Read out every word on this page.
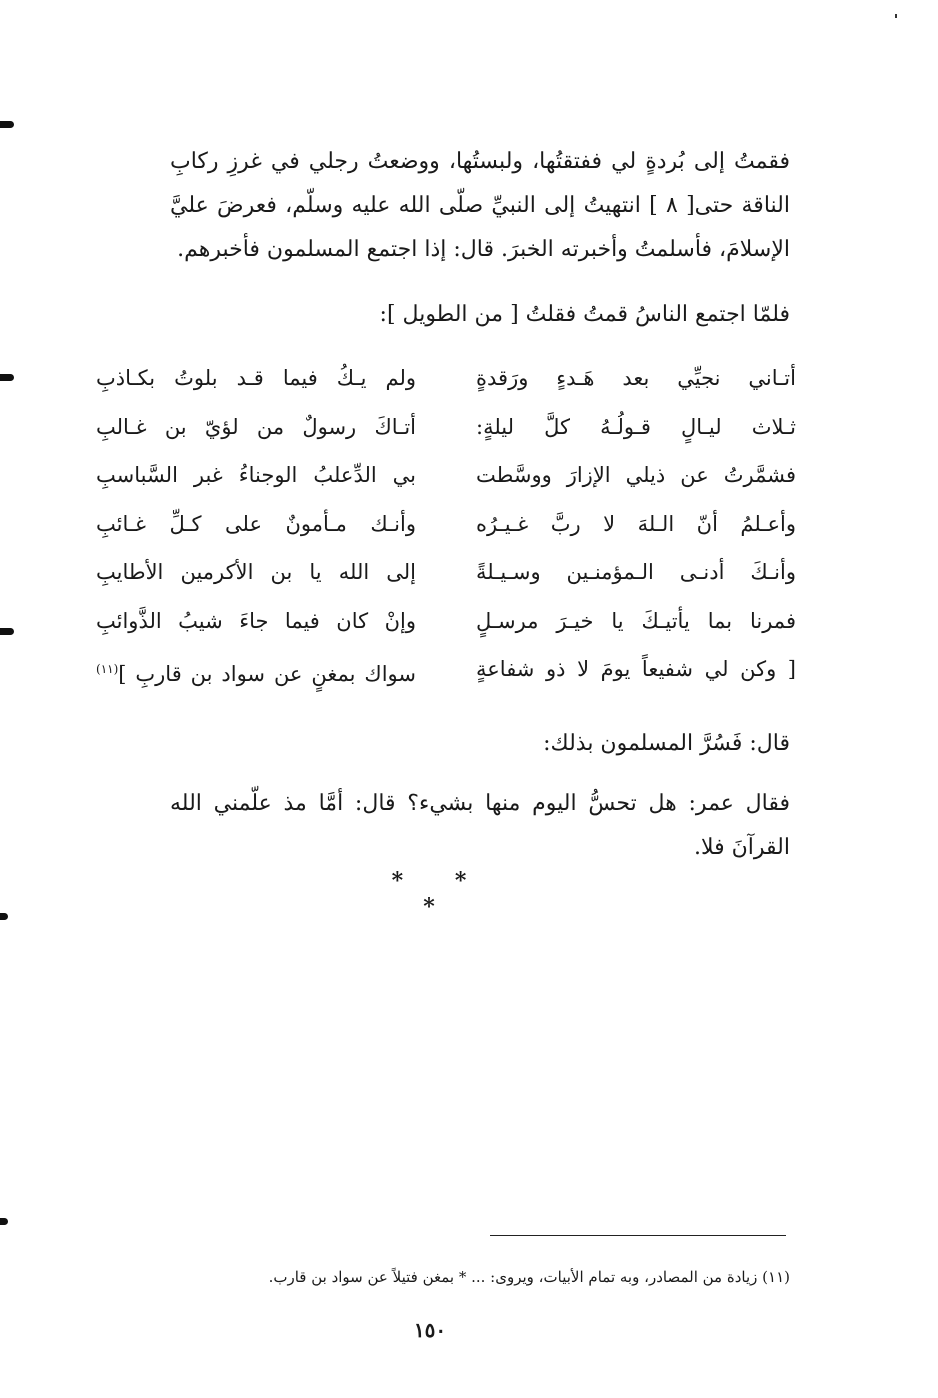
فقمتُ إلى بُردةٍ لي ففتقتُها، ولبستُها، ووضعتُ رجلي في غرزِ ركابِ الناقة حتى[ ٨ ] انتهيتُ إلى النبيِّ صلّى الله عليه وسلّم، فعرضَ عليَّ الإسلامَ، فأسلمتُ وأخبرته الخبرَ. قال: إذا اجتمع المسلمون فأخبرهم.

فلمّا اجتمع الناسُ قمتُ فقلتُ [ من الطويل ]:

أتـاني نجيِّي بعد هَـدءٍ ورَقدةٍ
ولم يـكُ فيما قـد بلوتُ بكـاذبِ
ثـلاث ليـالٍ قـولُـهُ كلَّ ليلةٍ:
أتـاكَ رسولٌ من لؤيّ بن غـالبِ
فشمَّرتُ عن ذيلي الإزارَ ووسَّطت
بي الدِّعلبُ الوجناءُ غبر السَّباسبِ
وأعـلمُ أنّ الـلهَ لا ربَّ غـيـرُه
وأنـك مـأمونٌ على كـلِّ غـائبِ
وأنـكَ أدنـى الـمؤمنـين وسـيـلةً
إلى الله يا بن الأكرمين الأطايبِ
فمرنا بما يأتيـكَ يا خيـرَ مرسـلٍ
وإنْ كان فيما جاءَ شيبُ الذَّوائبِ
[ وكن لي شفيعاً يومَ لا ذو شفاعةٍ
سواك بمغنٍ عن سواد بن قاربِ ]$^{(١١)}$

قال: فَسُرَّ المسلمون بذلك:

فقال عمر: هل تحسُّ اليوم منها بشيء؟ قال: أمَّا مذ علّمني الله القرآنَ فلا.

* * *

(١١) زيادة من المصادر، وبه تمام الأبيات، ويروى: ... * بمغن فتيلاً عن سواد بن قارب.

١٥٠
